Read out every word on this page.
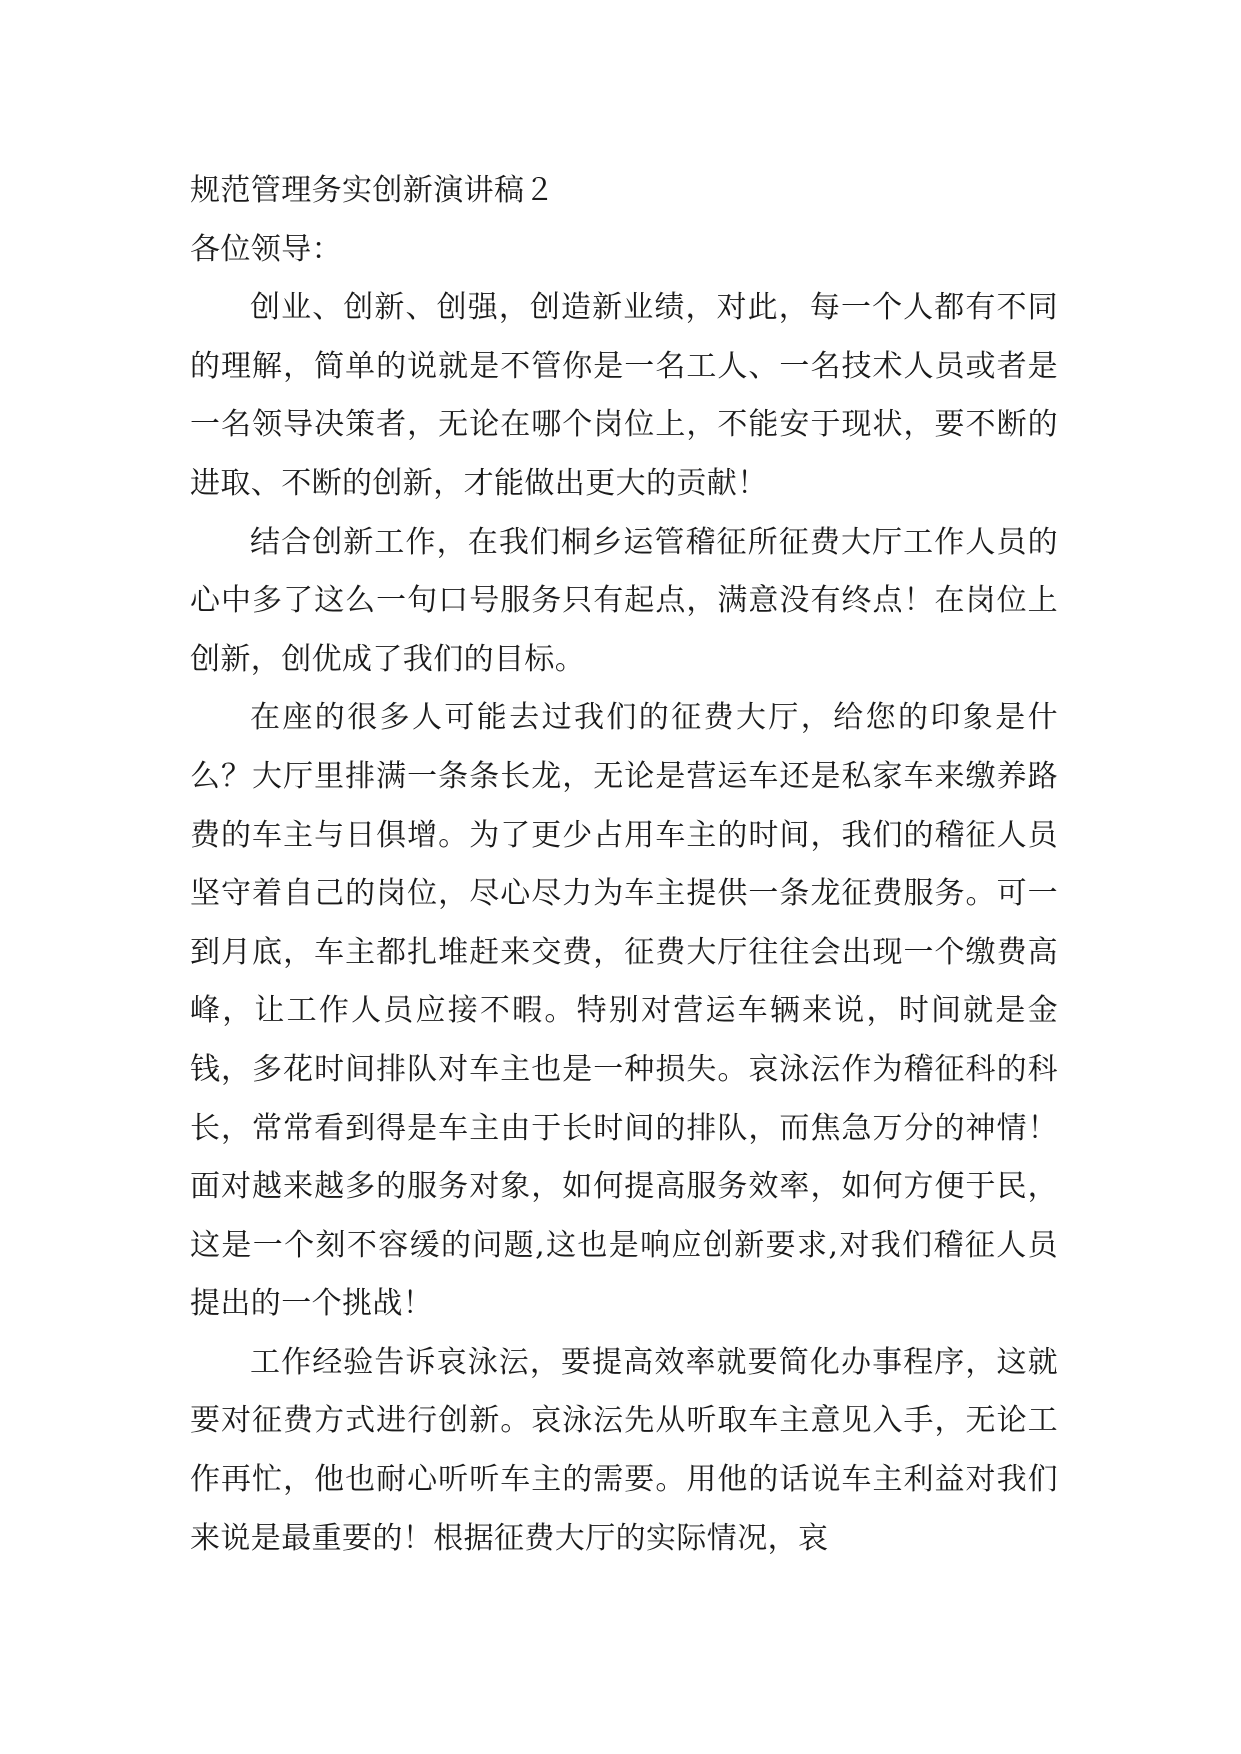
规范管理务实创新演讲稿２

各位领导：

创业、创新、创强，创造新业绩，对此，每一个人都有不同的理解，简单的说就是不管你是一名工人、一名技术人员或者是一名领导决策者，无论在哪个岗位上，不能安于现状，要不断的进取、不断的创新，才能做出更大的贡献！

结合创新工作，在我们桐乡运管稽征所征费大厅工作人员的心中多了这么一句口号服务只有起点，满意没有终点！在岗位上创新，创优成了我们的目标。

在座的很多人可能去过我们的征费大厅，给您的印象是什么？大厅里排满一条条长龙，无论是营运车还是私家车来缴养路费的车主与日俱增。为了更少占用车主的时间，我们的稽征人员坚守着自己的岗位，尽心尽力为车主提供一条龙征费服务。可一到月底，车主都扎堆赶来交费，征费大厅往往会出现一个缴费高峰，让工作人员应接不暇。特别对营运车辆来说，时间就是金钱，多花时间排队对车主也是一种损失。哀泳沄作为稽征科的科长，常常看到得是车主由于长时间的排队，而焦急万分的神情！面对越来越多的服务对象，如何提高服务效率，如何方便于民，这是一个刻不容缓的问题,这也是响应创新要求,对我们稽征人员提出的一个挑战！

工作经验告诉哀泳沄，要提高效率就要简化办事程序，这就要对征费方式进行创新。哀泳沄先从听取车主意见入手，无论工作再忙，他也耐心听听车主的需要。用他的话说车主利益对我们来说是最重要的！根据征费大厅的实际情况，哀
